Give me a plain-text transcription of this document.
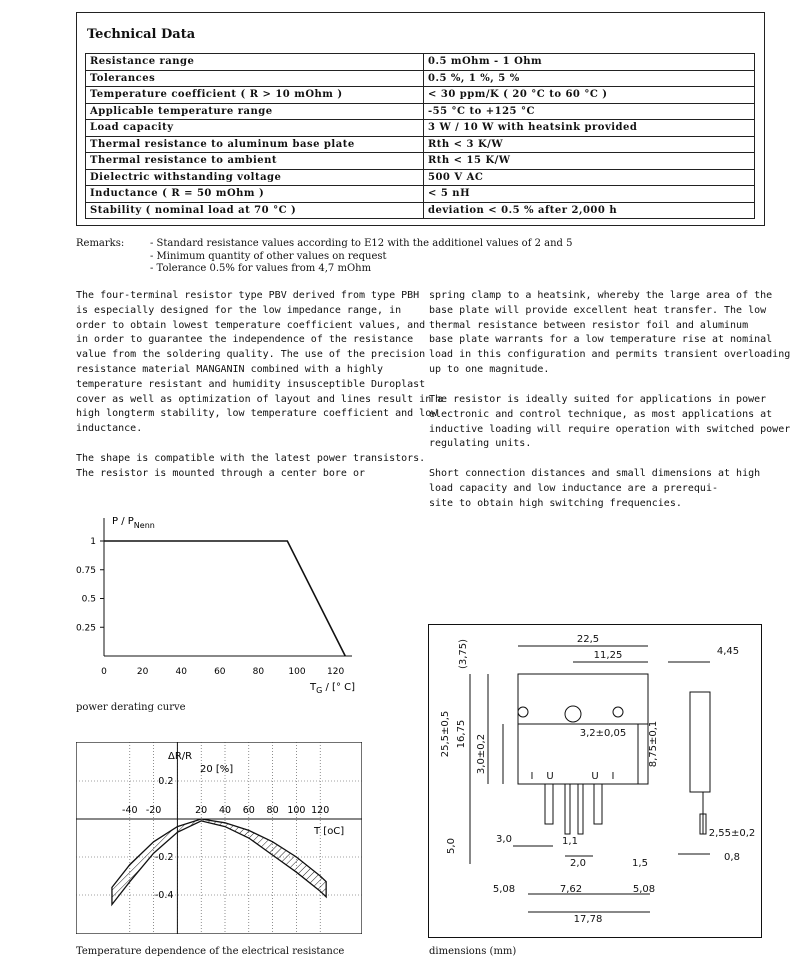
Technical Data
Resistance range	0.5 mOhm - 1 Ohm
Tolerances	0.5 %, 1 %, 5 %
Temperature coefficient ( R > 10 mOhm )	< 30 ppm/K ( 20 °C to 60 °C )
Applicable temperature range	-55 °C to +125 °C
Load capacity	3 W / 10 W with heatsink provided
Thermal resistance to aluminum base plate	Rth < 3 K/W
Thermal resistance to ambient	Rth < 15 K/W
Dielectric withstanding voltage	500 V AC
Inductance ( R = 50 mOhm )	< 5 nH
Stability ( nominal load at 70 °C )	deviation < 0.5 % after 2,000 h
Remarks:	- Standard resistance values according to E12 with the additionel values of 2 and 5
- Minimum quantity of other values on request
- Tolerance 0.5% for values from 4,7 mOhm
The four-terminal resistor type PBV derived from type PBH
is especially designed for the low impedance range, in
order to obtain lowest temperature coefficient values, and
in order to guarantee the independence of the resistance
value from the soldering quality. The use of the precision
resistance material MANGANIN combined with a highly
temperature resistant and humidity insusceptible Duroplast
cover as well as optimization of layout and lines result in a
high longterm stability, low temperature coefficient and low
inductance.
The shape is compatible with the latest power transistors.
The resistor is mounted through a center bore or
spring clamp to a heatsink, whereby the large area of the
base plate will provide excellent heat transfer. The low
thermal resistance between resistor foil and aluminum
base plate warrants for a low temperature rise at nominal
load in this configuration and permits transient overloading
up to one magnitude.
The resistor is ideally suited for applications in power
electronic and control technique, as most applications at
inductive loading will require operation with switched power
regulating units.
Short connection distances and small dimensions at high
load capacity and low inductance are a prerequi-
site to obtain high switching frequencies.
1
0.75
0.5
0.25
0	20	40	60	80	100 120
P / $P_{Nenn}$
$T_G$ / [° C]
power derating curve
-40 -20	20 40 60 80 100 120
0.2
-0.2
-0.4
ΔR/R
20 [%]
T [oC]
Temperature dependence of the electrical resistance
22,5
11,25
(3,75)
25,5±0,5 16,75 3,0±0,2
3,2±0,05 8,75±0,1
4,45
5,0	3,0	1,1
2,0	1,5
5,08	7,62	5,08
17,78
2,55±0,2
0,8
I U	U I
dimensions (mm)
